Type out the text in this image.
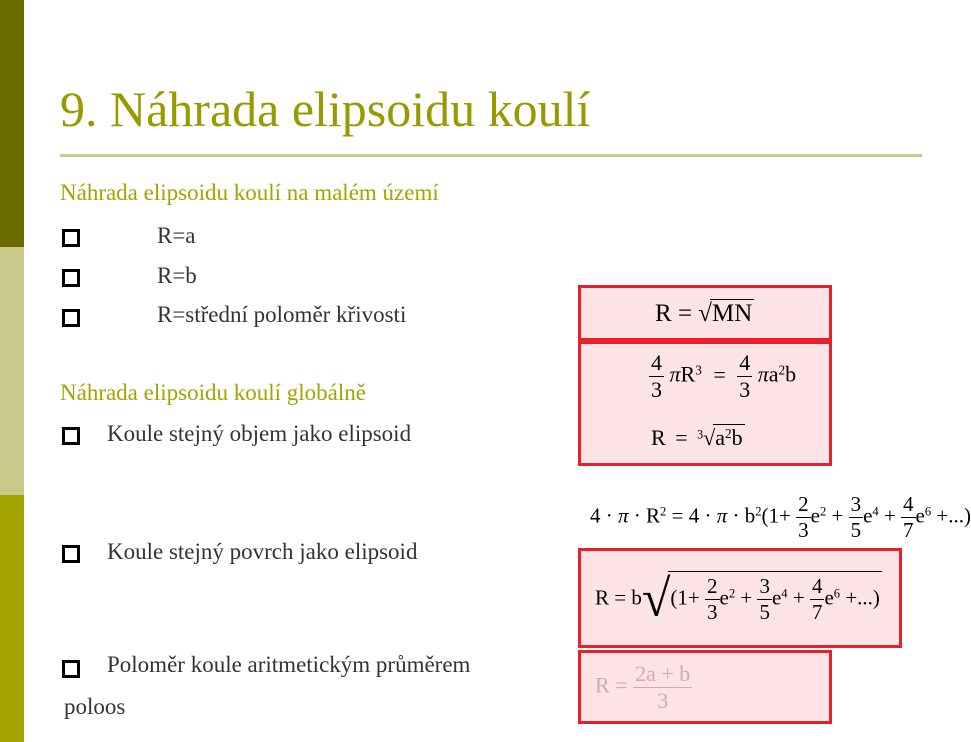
9. Náhrada elipsoidu koulí
Náhrada elipsoidu koulí na malém území
R=a
R=b
R=střední poloměr křivosti
Náhrada elipsoidu koulí globálně
Koule stejný objem jako elipsoid
Koule stejný povrch jako elipsoid
Poloměr koule aritmetickým průměrem
poloos
R = √MN
$\frac{4}{3} \pi R^3 = \frac{4}{3} \pi a^2b$
$R = ^3√a^2b$
$4 \cdot \pi \cdot R^2 = 4 \cdot \pi \cdot b^2(1+ \frac{2}{3} e^2 + \frac{3}{5} e^4 + \frac{4}{7} e^6$ +...)
$R = b√(1+ \frac{2}{3} e^2 + \frac{3}{5} e^4 + \frac{4}{7} e^6$ +...)
$R = \frac{2a + b}{3}$
